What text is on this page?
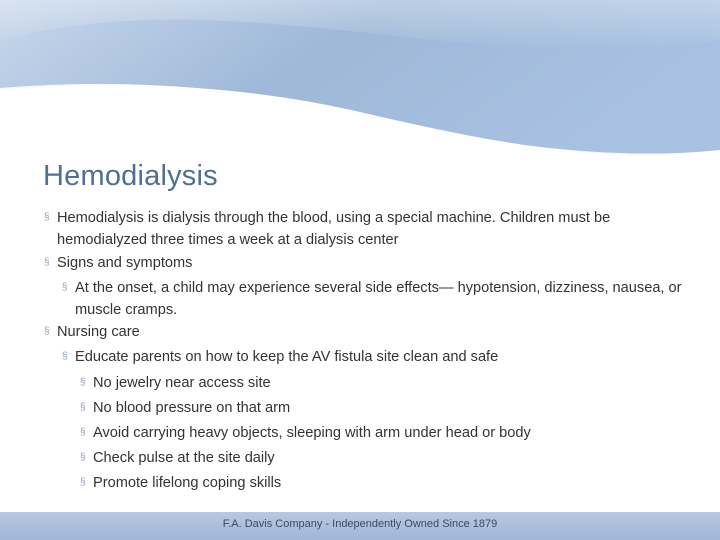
Hemodialysis
§ Hemodialysis is dialysis through the blood, using a special machine. Children must be hemodialyzed three times a week at a dialysis center
§ Signs and symptoms
§ At the onset, a child may experience several side effects— hypotension, dizziness, nausea, or muscle cramps.
§ Nursing care
§ Educate parents on how to keep the AV fistula site clean and safe
§ No jewelry near access site
§ No blood pressure on that arm
§ Avoid carrying heavy objects, sleeping with arm under head or body
§ Check pulse at the site daily
§ Promote lifelong coping skills
F.A. Davis Company - Independently Owned Since 1879
